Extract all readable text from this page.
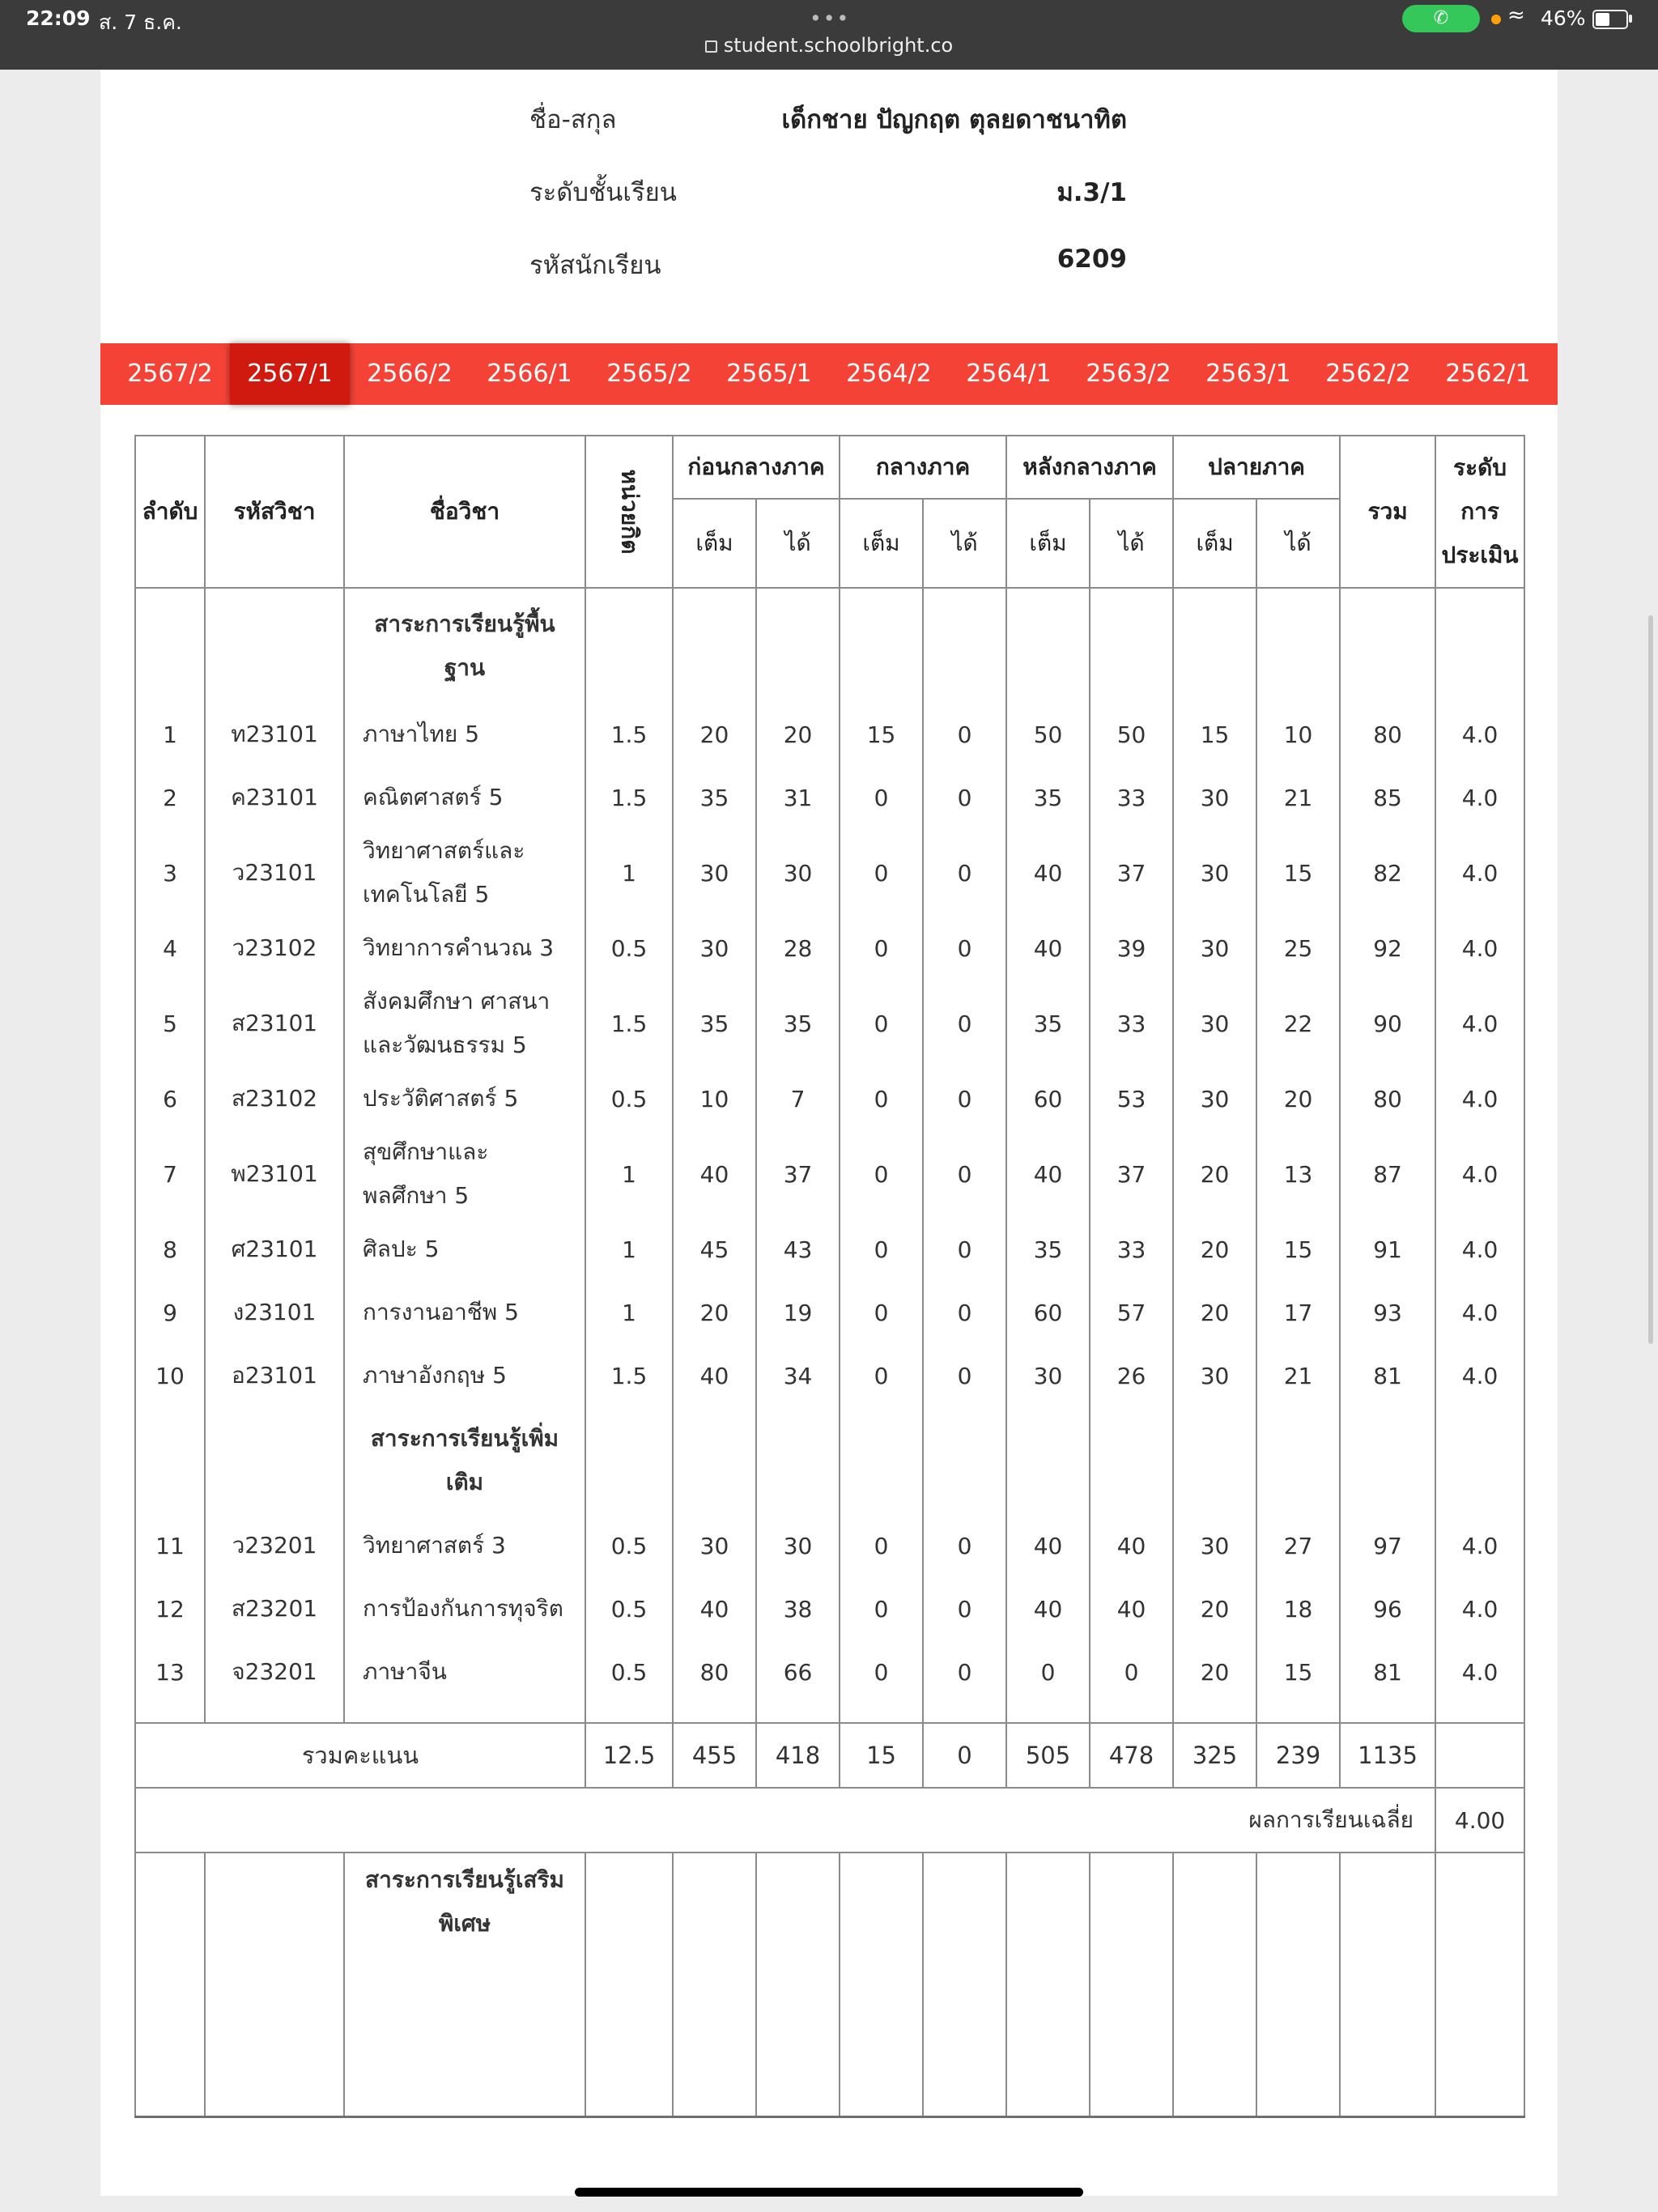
22:09 ส. 7 ธ.ค.	•••
student.schoolbright.co
✆	≈ 46%
ชื่อ-สกุล	เด็กชาย ปัญกฤต ตุลยดาชนาทิต
ระดับชั้นเรียน	ม.3/1
รหัสนักเรียน	6209
2567/2	2567/1	2566/2	2566/1	2565/2	2565/1	2564/2	2564/1	2563/2	2563/1	2562/2	2562/1
ลำดับ	รหัสวิชา	ชื่อวิชา	หน่วยกิต	ก่อนกลางภาค		กลางภาค		หลังกลางภาค		ปลายภาค		รวม	ระดับ
การ
ประเมิน

				เต็ม	ได้	เต็ม	ได้	เต็ม	ได้	เต็ม	ได้		

		สาระการเรียนรู้พื้น
ฐาน											

1	ท23101	ภาษาไทย 5	1.5	20	20	15	0	50	50	15	10	80	4.0
2	ค23101	คณิตศาสตร์ 5	1.5	35	31	0	0	35	33	30	21	85	4.0
3	ว23101	วิทยาศาสตร์และ
เทคโนโลยี 5	1	30	30	0	0	40	37	30	15	82	4.0
4	ว23102	วิทยาการคำนวณ 3	0.5	30	28	0	0	40	39	30	25	92	4.0
5	ส23101	สังคมศึกษา ศาสนา
และวัฒนธรรม 5	1.5	35	35	0	0	35	33	30	22	90	4.0
6	ส23102	ประวัติศาสตร์ 5	0.5	10	7	0	0	60	53	30	20	80	4.0
7	พ23101	สุขศึกษาและ
พลศึกษา 5	1	40	37	0	0	40	37	20	13	87	4.0
8	ศ23101	ศิลปะ 5	1	45	43	0	0	35	33	20	15	91	4.0
9	ง23101	การงานอาชีพ 5	1	20	19	0	0	60	57	20	17	93	4.0
10	อ23101	ภาษาอังกฤษ 5	1.5	40	34	0	0	30	26	30	21	81	4.0

		สาระการเรียนรู้เพิ่ม
เติม											

11	ว23201	วิทยาศาสตร์ 3	0.5	30	30	0	0	40	40	30	27	97	4.0
12	ส23201	การป้องกันการทุจริต	0.5	40	38	0	0	40	40	20	18	96	4.0
13	จ23201	ภาษาจีน	0.5	80	66	0	0	0	0	20	15	81	4.0

รวมคะแนน			12.5	455	418	15	0	505	478	325	239	1135	
ผลการเรียนเฉลี่ย													4.00

		สาระการเรียนรู้เสริม
พิเศษ											
